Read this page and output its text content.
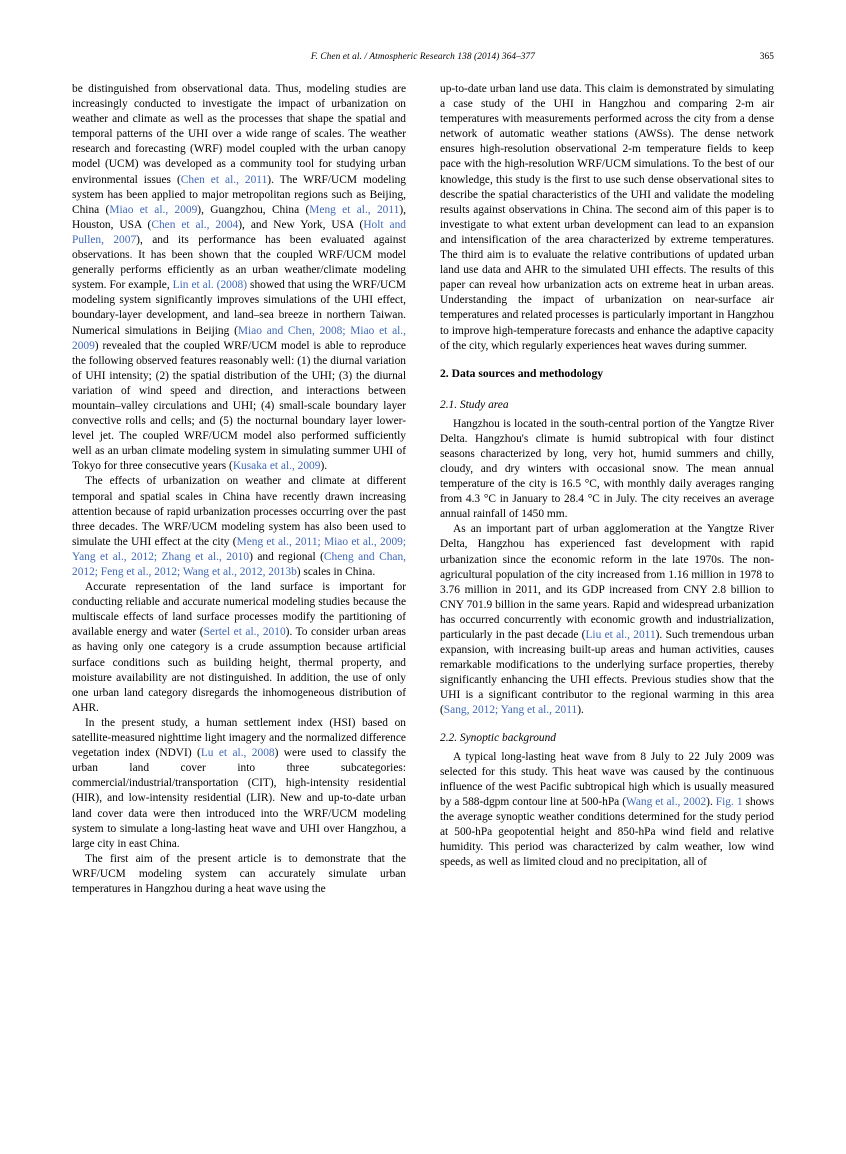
F. Chen et al. / Atmospheric Research 138 (2014) 364–377	365

be distinguished from observational data. Thus, modeling studies are increasingly conducted to investigate the impact of urbanization on weather and climate as well as the processes that shape the spatial and temporal patterns of the UHI over a wide range of scales. The weather research and forecasting (WRF) model coupled with the urban canopy model (UCM) was developed as a community tool for studying urban environmental issues (Chen et al., 2011). The WRF/UCM modeling system has been applied to major metropolitan regions such as Beijing, China (Miao et al., 2009), Guangzhou, China (Meng et al., 2011), Houston, USA (Chen et al., 2004), and New York, USA (Holt and Pullen, 2007), and its performance has been evaluated against observations. It has been shown that the coupled WRF/UCM model generally performs efficiently as an urban weather/climate modeling system. For example, Lin et al. (2008) showed that using the WRF/UCM modeling system significantly improves simulations of the UHI effect, boundary-layer development, and land–sea breeze in northern Taiwan. Numerical simulations in Beijing (Miao and Chen, 2008; Miao et al., 2009) revealed that the coupled WRF/UCM model is able to reproduce the following observed features reasonably well: (1) the diurnal variation of UHI intensity; (2) the spatial distribution of the UHI; (3) the diurnal variation of wind speed and direction, and interactions between mountain–valley circulations and UHI; (4) small-scale boundary layer convective rolls and cells; and (5) the nocturnal boundary layer lower-level jet. The coupled WRF/UCM model also performed sufficiently well as an urban climate modeling system in simulating summer UHI of Tokyo for three consecutive years (Kusaka et al., 2009).

The effects of urbanization on weather and climate at different temporal and spatial scales in China have recently drawn increasing attention because of rapid urbanization processes occurring over the past three decades. The WRF/UCM modeling system has also been used to simulate the UHI effect at the city (Meng et al., 2011; Miao et al., 2009; Yang et al., 2012; Zhang et al., 2010) and regional (Cheng and Chan, 2012; Feng et al., 2012; Wang et al., 2012, 2013b) scales in China.

Accurate representation of the land surface is important for conducting reliable and accurate numerical modeling studies because the multiscale effects of land surface processes modify the partitioning of available energy and water (Sertel et al., 2010). To consider urban areas as having only one category is a crude assumption because artificial surface conditions such as building height, thermal property, and moisture availability are not distinguished. In addition, the use of only one urban land category disregards the inhomogeneous distribution of AHR.

In the present study, a human settlement index (HSI) based on satellite-measured nighttime light imagery and the normalized difference vegetation index (NDVI) (Lu et al., 2008) were used to classify the urban land cover into three subcategories: commercial/industrial/transportation (CIT), high-intensity residential (HIR), and low-intensity residential (LIR). New and up-to-date urban land cover data were then introduced into the WRF/UCM modeling system to simulate a long-lasting heat wave and UHI over Hangzhou, a large city in east China.

The first aim of the present article is to demonstrate that the WRF/UCM modeling system can accurately simulate urban temperatures in Hangzhou during a heat wave using the

up-to-date urban land use data. This claim is demonstrated by simulating a case study of the UHI in Hangzhou and comparing 2-m air temperatures with measurements performed across the city from a dense network of automatic weather stations (AWSs). The dense network ensures high-resolution observational 2-m temperature fields to keep pace with the high-resolution WRF/UCM simulations. To the best of our knowledge, this study is the first to use such dense observational sites to describe the spatial characteristics of the UHI and validate the modeling results against observations in China. The second aim of this paper is to investigate to what extent urban development can lead to an expansion and intensification of the area characterized by extreme temperatures. The third aim is to evaluate the relative contributions of updated urban land use data and AHR to the simulated UHI effects. The results of this paper can reveal how urbanization acts on extreme heat in urban areas. Understanding the impact of urbanization on near-surface air temperatures and related processes is particularly important in Hangzhou to improve high-temperature forecasts and enhance the adaptive capacity of the city, which regularly experiences heat waves during summer.

2. Data sources and methodology
2.1. Study area

Hangzhou is located in the south-central portion of the Yangtze River Delta. Hangzhou's climate is humid subtropical with four distinct seasons characterized by long, very hot, humid summers and chilly, cloudy, and dry winters with occasional snow. The mean annual temperature of the city is 16.5 °C, with monthly daily averages ranging from 4.3 °C in January to 28.4 °C in July. The city receives an average annual rainfall of 1450 mm.

As an important part of urban agglomeration at the Yangtze River Delta, Hangzhou has experienced fast development with rapid urbanization since the economic reform in the late 1970s. The non-agricultural population of the city increased from 1.16 million in 1978 to 3.76 million in 2011, and its GDP increased from CNY 2.8 billion to CNY 701.9 billion in the same years. Rapid and widespread urbanization has occurred concurrently with economic growth and industrialization, particularly in the past decade (Liu et al., 2011). Such tremendous urban expansion, with increasing built-up areas and human activities, causes remarkable modifications to the underlying surface properties, thereby significantly enhancing the UHI effects. Previous studies show that the UHI is a significant contributor to the regional warming in this area (Sang, 2012; Yang et al., 2011).

2.2. Synoptic background

A typical long-lasting heat wave from 8 July to 22 July 2009 was selected for this study. This heat wave was caused by the continuous influence of the west Pacific subtropical high which is usually measured by a 588-dgpm contour line at 500-hPa (Wang et al., 2002). Fig. 1 shows the average synoptic weather conditions determined for the study period at 500-hPa geopotential height and 850-hPa wind field and relative humidity. This period was characterized by calm weather, low wind speeds, as well as limited cloud and no precipitation, all of
